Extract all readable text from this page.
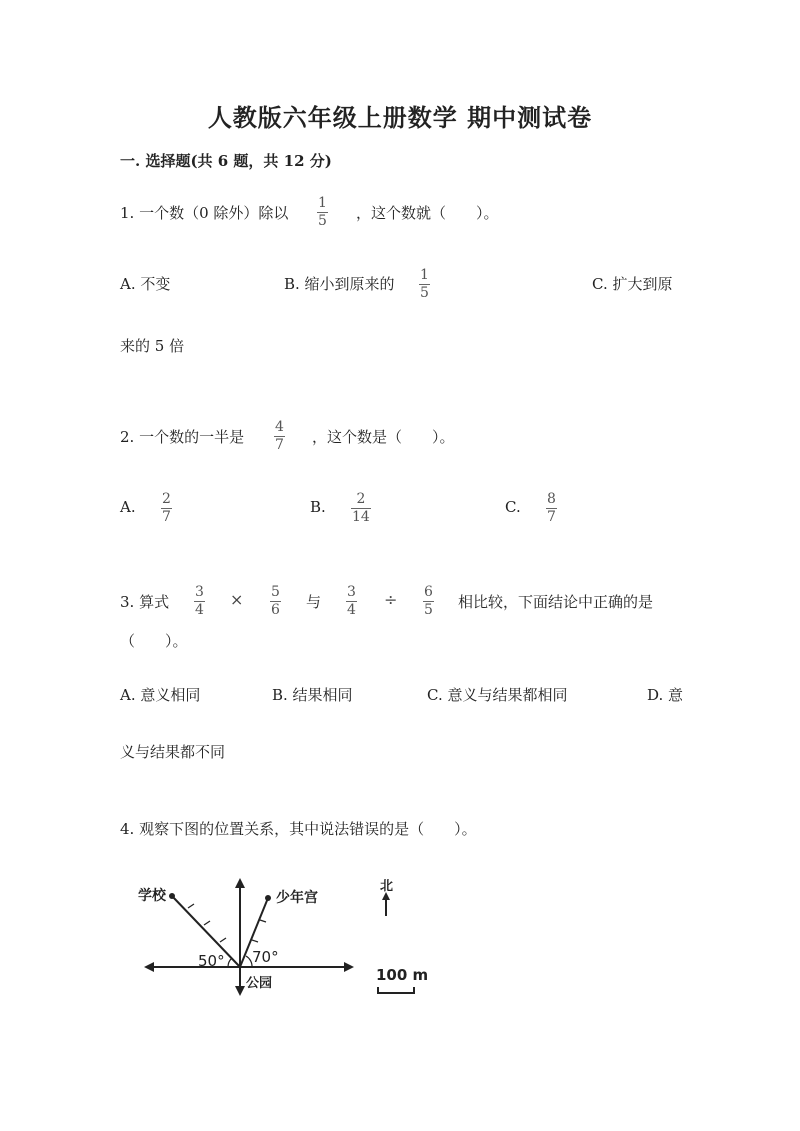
人教版六年级上册数学 期中测试卷
一. 选择题(共 6 题，共 12 分)
1. 一个数（0 除外）除以
1
5 ，这个数就（　　）。
A. 不变	B. 缩小到原来的 1
5	C. 扩大到原
来的 5 倍
2. 一个数的一半是
4
7 ，这个数是（　　）。
A. 2
7
B. 2
14
C. 8
7
3. 算式
3
4
× 5
6 与
3
4
÷ 6
5 相比较，下面结论中正确的是
（　　）。
A. 意义相同	B. 结果相同	C. 意义与结果都相同	D. 意
义与结果都不同
4. 观察下图的位置关系，其中说法错误的是（　　）。
学校	少年宫
公园
北
50° 70°
100 m
